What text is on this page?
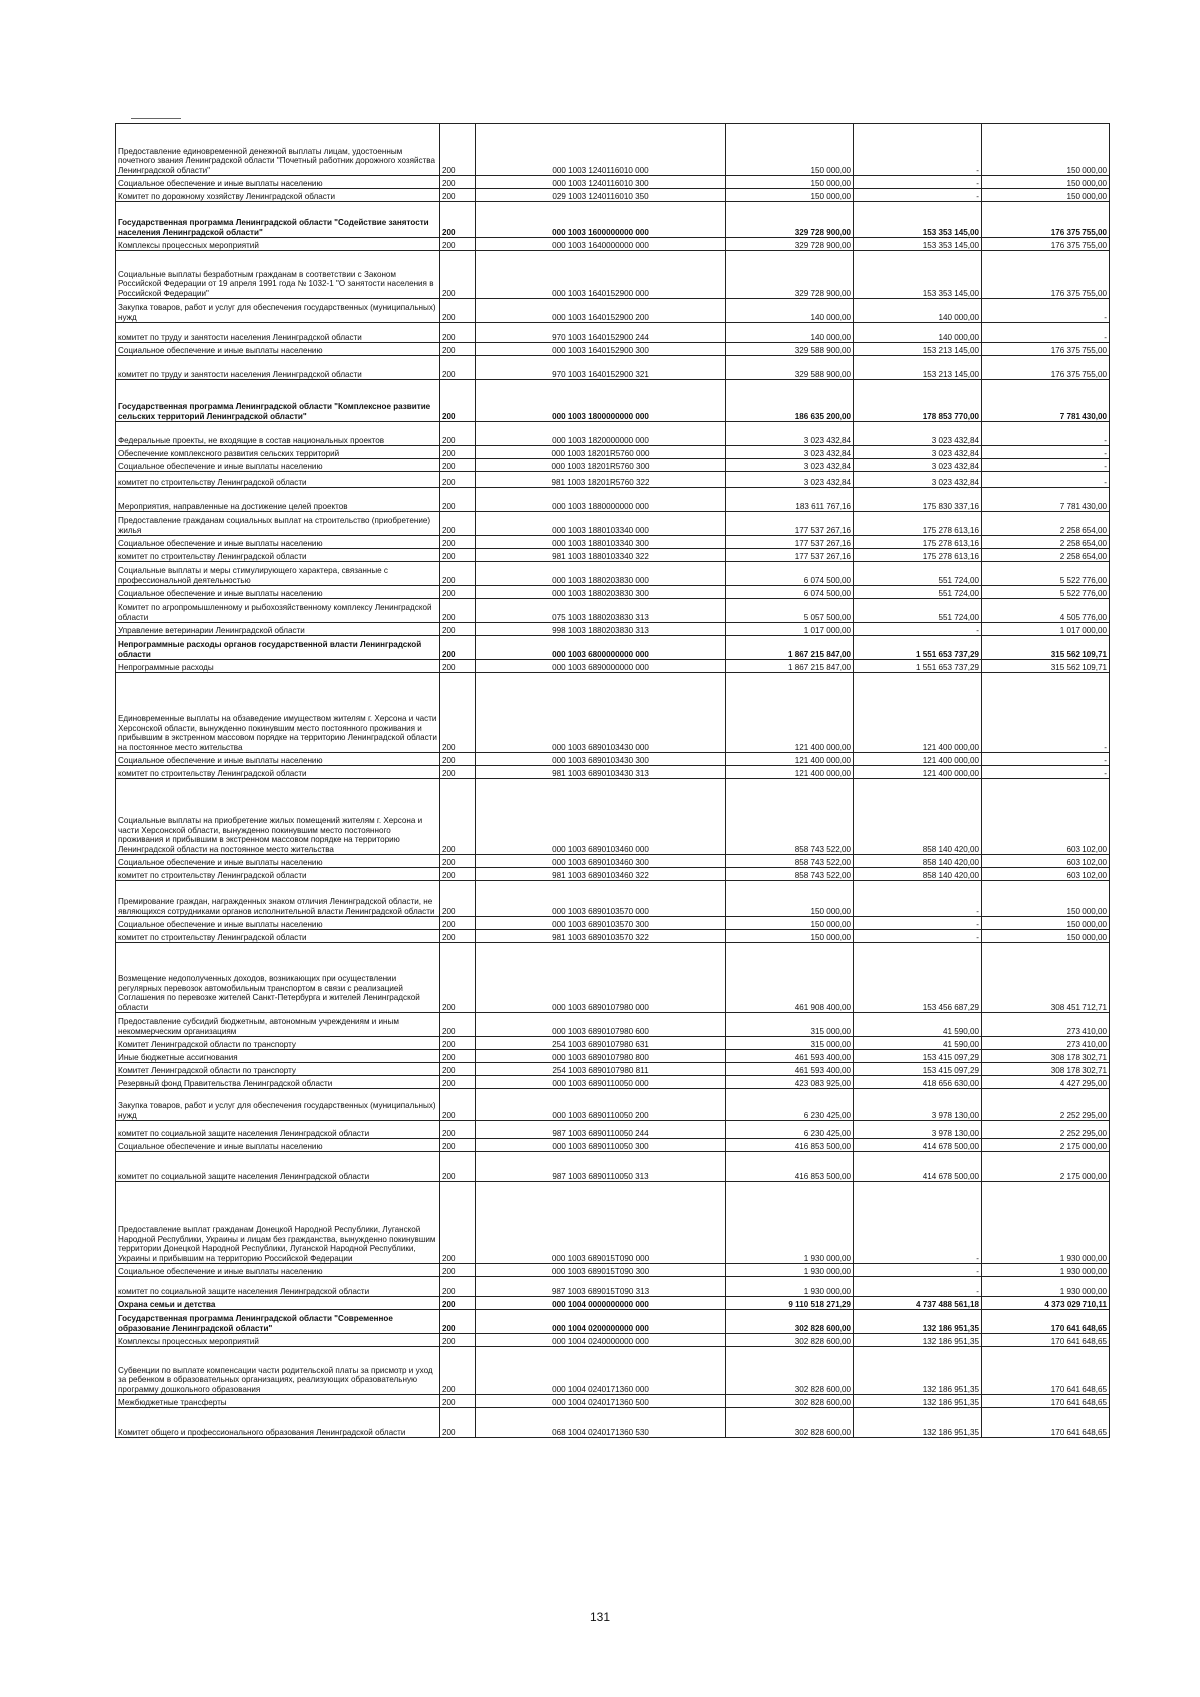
Предоставление единовременной денежной выплаты лицам, удостоенным почетного звания Ленинградской области "Почетный работник дорожного хозяйства Ленинградской области"	200	000 1003 1240116010 000	150 000,00	-	150 000,00
Социальное обеспечение и иные выплаты населению	200	000 1003 1240116010 300	150 000,00	-	150 000,00
Комитет по дорожному хозяйству Ленинградской области	200	029 1003 1240116010 350	150 000,00	-	150 000,00
Государственная программа Ленинградской области "Содействие занятости населения Ленинградской области"	200	000 1003 1600000000 000	329 728 900,00	153 353 145,00	176 375 755,00
Комплексы процессных мероприятий	200	000 1003 1640000000 000	329 728 900,00	153 353 145,00	176 375 755,00
Социальные выплаты безработным гражданам в соответствии с Законом Российской Федерации от 19 апреля 1991 года № 1032-1 "О занятости населения в Российской Федерации"	200	000 1003 1640152900 000	329 728 900,00	153 353 145,00	176 375 755,00
Закупка товаров, работ и услуг для обеспечения государственных (муниципальных) нужд	200	000 1003 1640152900 200	140 000,00	140 000,00	-
комитет по труду и занятости населения Ленинградской области	200	970 1003 1640152900 244	140 000,00	140 000,00	-
Социальное обеспечение и иные выплаты населению	200	000 1003 1640152900 300	329 588 900,00	153 213 145,00	176 375 755,00
комитет по труду и занятости населения Ленинградской области	200	970 1003 1640152900 321	329 588 900,00	153 213 145,00	176 375 755,00
Государственная программа Ленинградской области "Комплексное развитие сельских территорий Ленинградской области"	200	000 1003 1800000000 000	186 635 200,00	178 853 770,00	7 781 430,00
Федеральные проекты, не входящие в состав национальных проектов	200	000 1003 1820000000 000	3 023 432,84	3 023 432,84	-
Обеспечение комплексного развития сельских территорий	200	000 1003 18201R5760 000	3 023 432,84	3 023 432,84	-
Социальное обеспечение и иные выплаты населению	200	000 1003 18201R5760 300	3 023 432,84	3 023 432,84	-
комитет по строительству Ленинградской области	200	981 1003 18201R5760 322	3 023 432,84	3 023 432,84	-
Мероприятия, направленные на достижение целей проектов	200	000 1003 1880000000 000	183 611 767,16	175 830 337,16	7 781 430,00
Предоставление гражданам социальных выплат на строительство (приобретение) жилья	200	000 1003 1880103340 000	177 537 267,16	175 278 613,16	2 258 654,00
Социальное обеспечение и иные выплаты населению	200	000 1003 1880103340 300	177 537 267,16	175 278 613,16	2 258 654,00
комитет по строительству Ленинградской области	200	981 1003 1880103340 322	177 537 267,16	175 278 613,16	2 258 654,00
Социальные выплаты и меры стимулирующего характера, связанные с профессиональной деятельностью	200	000 1003 1880203830 000	6 074 500,00	551 724,00	5 522 776,00
Социальное обеспечение и иные выплаты населению	200	000 1003 1880203830 300	6 074 500,00	551 724,00	5 522 776,00
Комитет по агропромышленному и рыбохозяйственному комплексу Ленинградской области	200	075 1003 1880203830 313	5 057 500,00	551 724,00	4 505 776,00
Управление ветеринарии Ленинградской области	200	998 1003 1880203830 313	1 017 000,00	-	1 017 000,00
Непрограммные расходы органов государственной власти Ленинградской области	200	000 1003 6800000000 000	1 867 215 847,00	1 551 653 737,29	315 562 109,71
Непрограммные расходы	200	000 1003 6890000000 000	1 867 215 847,00	1 551 653 737,29	315 562 109,71
Единовременные выплаты на обзаведение имуществом жителям г. Херсона и части Херсонской области, вынужденно покинувшим место постоянного проживания и прибывшим в экстренном массовом порядке на территорию Ленинградской области на постоянное место жительства	200	000 1003 6890103430 000	121 400 000,00	121 400 000,00	-
Социальное обеспечение и иные выплаты населению	200	000 1003 6890103430 300	121 400 000,00	121 400 000,00	-
комитет по строительству Ленинградской области	200	981 1003 6890103430 313	121 400 000,00	121 400 000,00	-
Социальные выплаты на приобретение жилых помещений жителям г. Херсона и части Херсонской области, вынужденно покинувшим место постоянного проживания и прибывшим в экстренном массовом порядке на территорию Ленинградской области на постоянное место жительства	200	000 1003 6890103460 000	858 743 522,00	858 140 420,00	603 102,00
Социальное обеспечение и иные выплаты населению	200	000 1003 6890103460 300	858 743 522,00	858 140 420,00	603 102,00
комитет по строительству Ленинградской области	200	981 1003 6890103460 322	858 743 522,00	858 140 420,00	603 102,00
Премирование граждан, награжденных знаком отличия Ленинградской области, не являющихся сотрудниками органов исполнительной власти Ленинградской области	200	000 1003 6890103570 000	150 000,00	-	150 000,00
Социальное обеспечение и иные выплаты населению	200	000 1003 6890103570 300	150 000,00	-	150 000,00
комитет по строительству Ленинградской области	200	981 1003 6890103570 322	150 000,00	-	150 000,00
Возмещение недополученных доходов, возникающих при осуществлении регулярных перевозок автомобильным транспортом в связи с реализацией Соглашения по перевозке жителей Санкт-Петербурга и жителей Ленинградской области	200	000 1003 6890107980 000	461 908 400,00	153 456 687,29	308 451 712,71
Предоставление субсидий бюджетным, автономным учреждениям и иным некоммерческим организациям	200	000 1003 6890107980 600	315 000,00	41 590,00	273 410,00
Комитет Ленинградской области по транспорту	200	254 1003 6890107980 631	315 000,00	41 590,00	273 410,00
Иные бюджетные ассигнования	200	000 1003 6890107980 800	461 593 400,00	153 415 097,29	308 178 302,71
Комитет Ленинградской области по транспорту	200	254 1003 6890107980 811	461 593 400,00	153 415 097,29	308 178 302,71
Резервный фонд Правительства Ленинградской области	200	000 1003 6890110050 000	423 083 925,00	418 656 630,00	4 427 295,00
Закупка товаров, работ и услуг для обеспечения государственных (муниципальных) нужд	200	000 1003 6890110050 200	6 230 425,00	3 978 130,00	2 252 295,00
комитет по социальной защите населения Ленинградской области	200	987 1003 6890110050 244	6 230 425,00	3 978 130,00	2 252 295,00
Социальное обеспечение и иные выплаты населению	200	000 1003 6890110050 300	416 853 500,00	414 678 500,00	2 175 000,00
комитет по социальной защите населения Ленинградской области	200	987 1003 6890110050 313	416 853 500,00	414 678 500,00	2 175 000,00
Предоставление выплат гражданам Донецкой Народной Республики, Луганской Народной Республики, Украины и лицам без гражданства, вынужденно покинувшим территории Донецкой Народной Республики, Луганской Народной Республики, Украины и прибывшим на территорию Российской Федерации	200	000 1003 689015Т090 000	1 930 000,00	-	1 930 000,00
Социальное обеспечение и иные выплаты населению	200	000 1003 689015Т090 300	1 930 000,00	-	1 930 000,00
комитет по социальной защите населения Ленинградской области	200	987 1003 689015Т090 313	1 930 000,00	-	1 930 000,00
Охрана семьи и детства	200	000 1004 0000000000 000	9 110 518 271,29	4 737 488 561,18	4 373 029 710,11
Государственная программа Ленинградской области "Современное образование Ленинградской области"	200	000 1004 0200000000 000	302 828 600,00	132 186 951,35	170 641 648,65
Комплексы процессных мероприятий	200	000 1004 0240000000 000	302 828 600,00	132 186 951,35	170 641 648,65
Субвенции по выплате компенсации части родительской платы за присмотр и уход за ребенком в образовательных организациях, реализующих образовательную программу дошкольного образования	200	000 1004 0240171360 000	302 828 600,00	132 186 951,35	170 641 648,65
Межбюджетные трансферты	200	000 1004 0240171360 500	302 828 600,00	132 186 951,35	170 641 648,65
Комитет общего и профессионального образования Ленинградской области	200	068 1004 0240171360 530	302 828 600,00	132 186 951,35	170 641 648,65
131
